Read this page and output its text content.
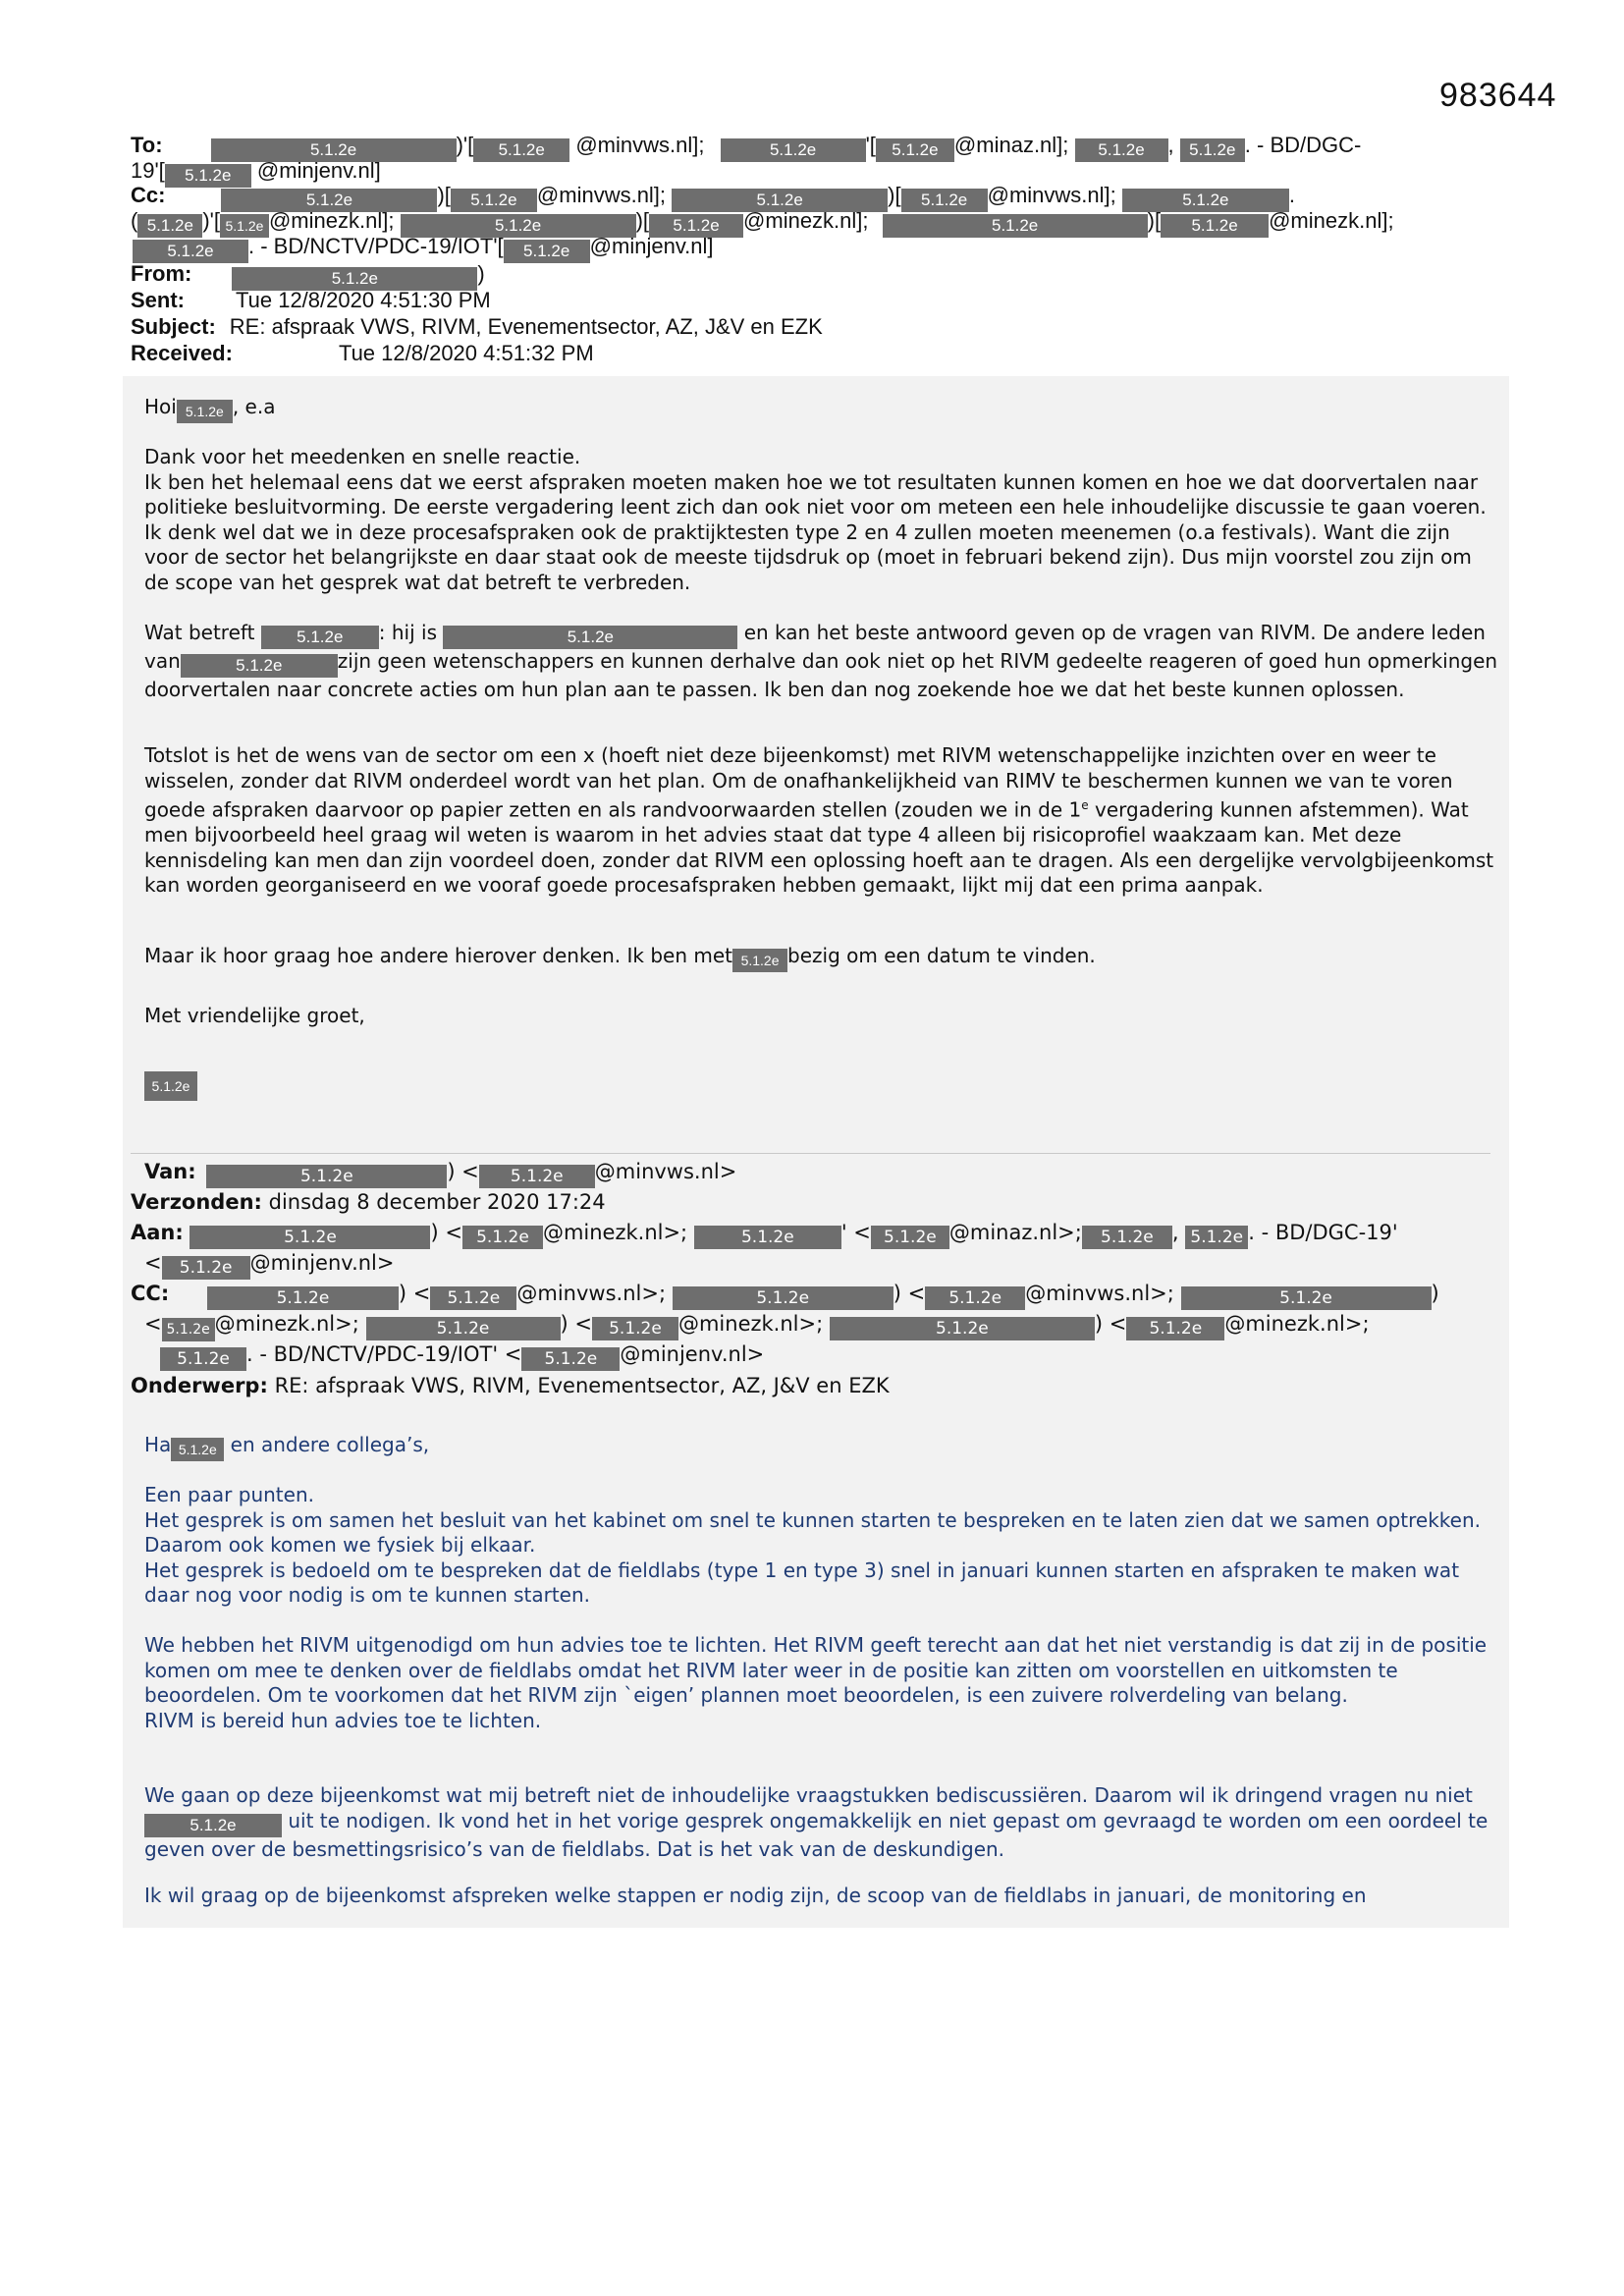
983644
To:	5.1.2e	)'[ 5.1.2e @minvws.nl];	5.1.2e '[ 5.1.2e @minaz.nl]; 5.1.2e , 5.1.2e . - BD/DGC-
19'[ 5.1.2e @minjenv.nl]
Cc:	5.1.2e	)[ 5.1.2e @minvws.nl];	5.1.2e	)[ 5.1.2e @minvws.nl];	5.1.2e	.
( 5.1.2e )'[ 5.1.2e @minezk.nl];	5.1.2e	)[ 5.1.2e @minezk.nl];	5.1.2e	)[ 5.1.2e @minezk.nl];
5.1.2e . - BD/NCTV/PDC-19/IOT'[ 5.1.2e @minjenv.nl]
From:	5.1.2e	)
Sent: Tue 12/8/2020 4:51:30 PM
Subject: RE: afspraak VWS, RIVM, Evenementsector, AZ, J&V en EZK
Received:	Tue 12/8/2020 4:51:32 PM
Hoi 5.1.2e , e.a
Dank voor het meedenken en snelle reactie.
Ik ben het helemaal eens dat we eerst afspraken moeten maken hoe we tot resultaten kunnen komen en hoe we dat doorvertalen naar politieke besluitvorming. De eerste vergadering leent zich dan ook niet voor om meteen een hele inhoudelijke discussie te gaan voeren. Ik denk wel dat we in deze procesafspraken ook de praktijktesten type 2 en 4 zullen moeten meenemen (o.a festivals). Want die zijn voor de sector het belangrijkste en daar staat ook de meeste tijdsdruk op (moet in februari bekend zijn). Dus mijn voorstel zou zijn om de scope van het gesprek wat dat betreft te verbreden.
Wat betreft	5.1.2e : hij is	5.1.2e	en kan het beste antwoord geven op de vragen van RIVM. De andere leden van	5.1.2e	zijn geen wetenschappers en kunnen derhalve dan ook niet op het RIVM gedeelte reageren of goed hun opmerkingen doorvertalen naar concrete acties om hun plan aan te passen. Ik ben dan nog zoekende hoe we dat het beste kunnen oplossen.
Totslot is het de wens van de sector om een x (hoeft niet deze bijeenkomst) met RIVM wetenschappelijke inzichten over en weer te wisselen, zonder dat RIVM onderdeel wordt van het plan. Om de onafhankelijkheid van RIMV te beschermen kunnen we van te voren goede afspraken daarvoor op papier zetten en als randvoorwaarden stellen (zouden we in de 1e vergadering kunnen afstemmen). Wat men bijvoorbeeld heel graag wil weten is waarom in het advies staat dat type 4 alleen bij risicoprofiel waakzaam kan. Met deze kennisdeling kan men dan zijn voordeel doen, zonder dat RIVM een oplossing hoeft aan te dragen. Als een dergelijke vervolgbijeenkomst kan worden georganiseerd en we vooraf goede procesafspraken hebben gemaakt, lijkt mij dat een prima aanpak.
Maar ik hoor graag hoe andere hierover denken. Ik ben met 5.1.2e bezig om een datum te vinden.
Met vriendelijke groet,
5.1.2e
Van:	5.1.2e	) < 5.1.2e @minvws.nl>
Verzonden: dinsdag 8 december 2020 17:24
Aan:	5.1.2e	) < 5.1.2e @minezk.nl>;	5.1.2e ' < 5.1.2e @minaz.nl>; 5.1.2e , 5.1.2e . - BD/DGC-19'
< 5.1.2e @minjenv.nl>
CC:	5.1.2e	) < 5.1.2e @minvws.nl>;	5.1.2e	) < 5.1.2e @minvws.nl>;	5.1.2e	)
< 5.1.2e @minezk.nl>;	5.1.2e	) < 5.1.2e @minezk.nl>;	5.1.2e	) < 5.1.2e @minezk.nl>;
5.1.2e . - BD/NCTV/PDC-19/IOT' < 5.1.2e @minjenv.nl>
Onderwerp: RE: afspraak VWS, RIVM, Evenementsector, AZ, J&V en EZK
Ha 5.1.2e en andere collega’s,
Een paar punten.
Het gesprek is om samen het besluit van het kabinet om snel te kunnen starten te bespreken en te laten zien dat we samen optrekken. Daarom ook komen we fysiek bij elkaar.
Het gesprek is bedoeld om te bespreken dat de fieldlabs (type 1 en type 3) snel in januari kunnen starten en afspraken te maken wat daar nog voor nodig is om te kunnen starten.
We hebben het RIVM uitgenodigd om hun advies toe te lichten. Het RIVM geeft terecht aan dat het niet verstandig is dat zij in de positie komen om mee te denken over de fieldlabs omdat het RIVM later weer in de positie kan zitten om voorstellen en uitkomsten te beoordelen. Om te voorkomen dat het RIVM zijn `eigen’ plannen moet beoordelen, is een zuivere rolverdeling van belang.
RIVM is bereid hun advies toe te lichten.
We gaan op deze bijeenkomst wat mij betreft niet de inhoudelijke vraagstukken bediscussiëren. Daarom wil ik dringend vragen nu niet 5.1.2e	uit te nodigen. Ik vond het in het vorige gesprek ongemakkelijk en niet gepast om gevraagd te worden om een oordeel te geven over de besmettingsrisico’s van de fieldlabs. Dat is het vak van de deskundigen.
Ik wil graag op de bijeenkomst afspreken welke stappen er nodig zijn, de scoop van de fieldlabs in januari, de monitoring en
